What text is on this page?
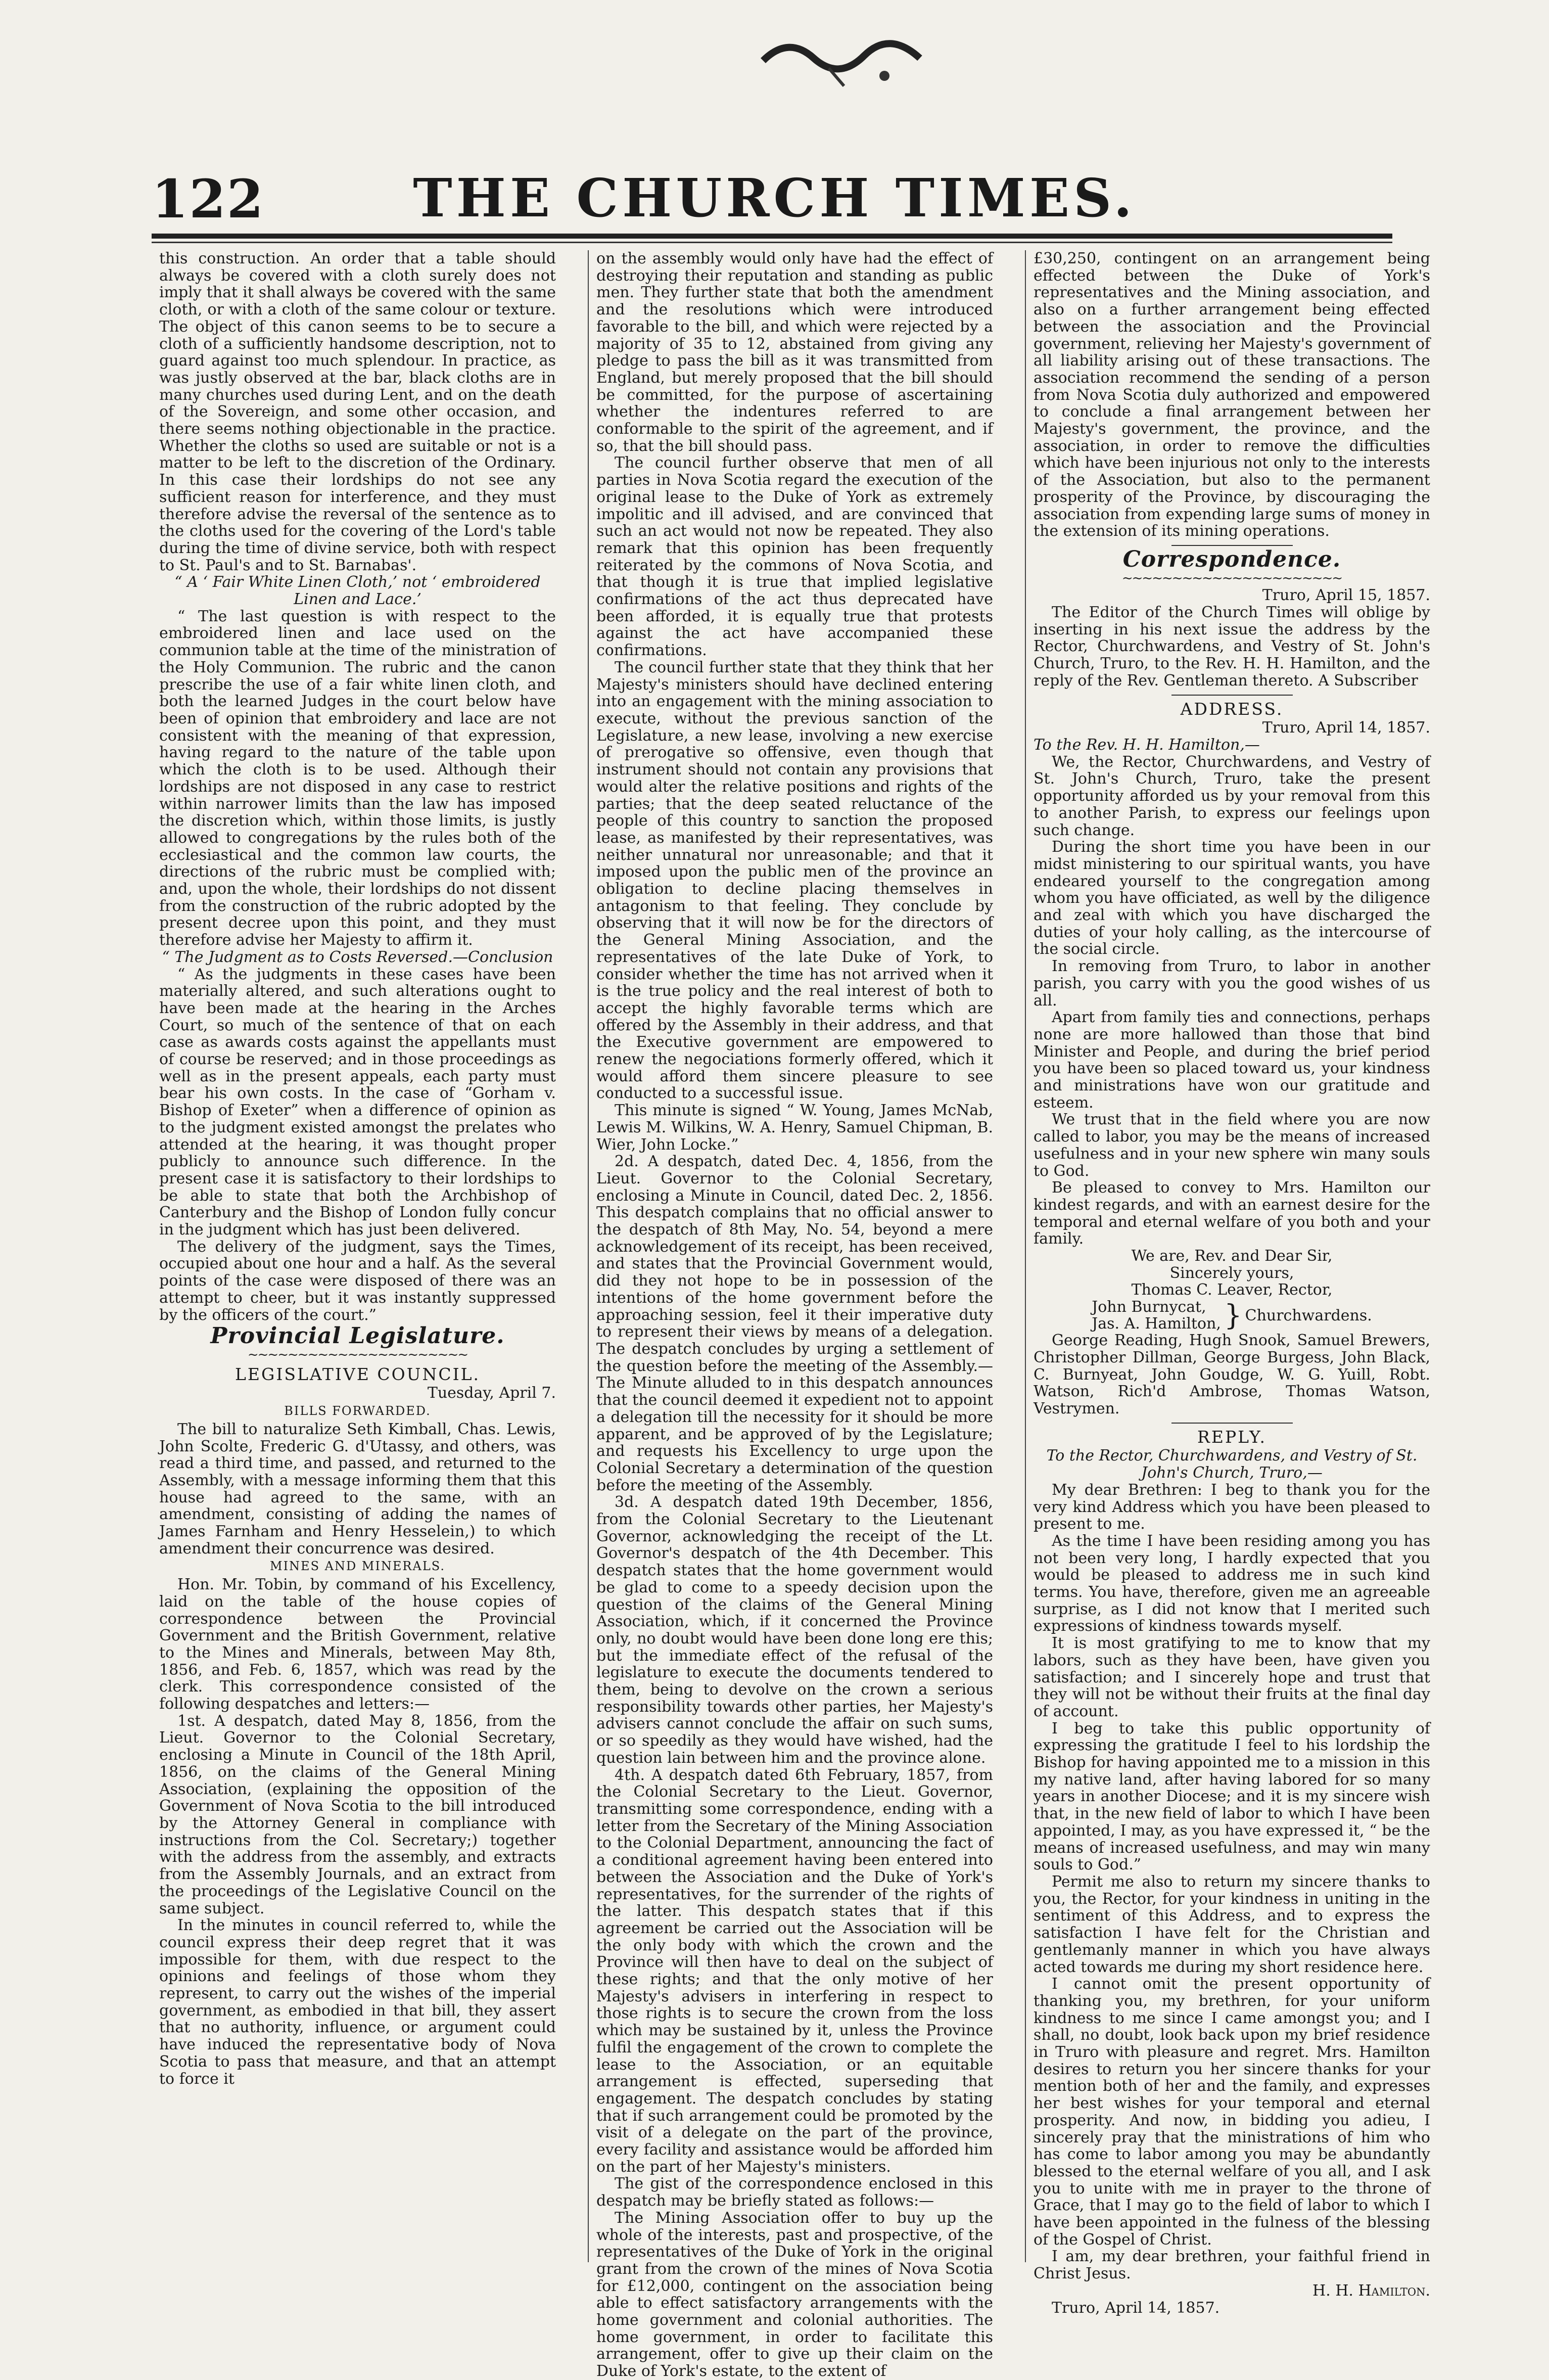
122	THE CHURCH TIMES.

this construction. An order that a table should always be covered with a cloth surely does not imply that it shall always be covered with the same cloth, or with a cloth of the same colour or texture. The object of this canon seems to be to secure a cloth of a sufficiently handsome description, not to guard against too much splendour. In practice, as was justly observed at the bar, black cloths are in many churches used during Lent, and on the death of the Sovereign, and some other occasion, and there seems nothing objectionable in the practice. Whether the cloths so used are suitable or not is a matter to be left to the discretion of the Ordinary. In this case their lordships do not see any sufficient reason for interference, and they must therefore advise the reversal of the sentence as to the cloths used for the covering of the Lord's table during the time of divine service, both with respect to St. Paul's and to St. Barnabas'.

“ A ‘ Fair White Linen Cloth,’ not ‘ embroidered Linen and Lace.’

“ The last question is with respect to the embroidered linen and lace used on the communion table at the time of the ministration of the Holy Communion. The rubric and the canon prescribe the use of a fair white linen cloth, and both the learned Judges in the court below have been of opinion that embroidery and lace are not consistent with the meaning of that expression, having regard to the nature of the table upon which the cloth is to be used. Although their lordships are not disposed in any case to restrict within narrower limits than the law has imposed the discretion which, within those limits, is justly allowed to congregations by the rules both of the ecclesiastical and the common law courts, the directions of the rubric must be complied with; and, upon the whole, their lordships do not dissent from the construction of the rubric adopted by the present decree upon this point, and they must therefore advise her Majesty to affirm it.

“ The Judgment as to Costs Reversed.—Conclusion

“ As the judgments in these cases have been materially altered, and such alterations ought to have been made at the hearing in the Arches Court, so much of the sentence of that on each case as awards costs against the appellants must of course be reserved; and in those proceedings as well as in the present appeals, each party must bear his own costs. In the case of “Gorham v. Bishop of Exeter” when a difference of opinion as to the judgment existed amongst the prelates who attended at the hearing, it was thought proper publicly to announce such difference. In the present case it is satisfactory to their lordships to be able to state that both the Archbishop of Canterbury and the Bishop of London fully concur in the judgment which has just been delivered.

The delivery of the judgment, says the Times, occupied about one hour and a half. As the several points of the case were disposed of there was an attempt to cheer, but it was instantly suppressed by the officers of the court.”

Provincial Legislature.
~~~~~~~~~~~~~~~~~~~~~~
LEGISLATIVE COUNCIL.
Tuesday, April 7.
BILLS FORWARDED.

The bill to naturalize Seth Kimball, Chas. Lewis, John Scolte, Frederic G. d'Utassy, and others, was read a third time, and passed, and returned to the Assembly, with a message informing them that this house had agreed to the same, with an amendment, consisting of adding the names of James Farnham and Henry Hesselein,) to which amendment their concurrence was desired.

MINES AND MINERALS.

Hon. Mr. Tobin, by command of his Excellency, laid on the table of the house copies of correspondence between the Provincial Government and the British Government, relative to the Mines and Minerals, between May 8th, 1856, and Feb. 6, 1857, which was read by the clerk. This correspondence consisted of the following despatches and letters:—

1st. A despatch, dated May 8, 1856, from the Lieut. Governor to the Colonial Secretary, enclosing a Minute in Council of the 18th April, 1856, on the claims of the General Mining Association, (explaining the opposition of the Government of Nova Scotia to the bill introduced by the Attorney General in compliance with instructions from the Col. Secretary;) together with the address from the assembly, and extracts from the Assembly Journals, and an extract from the proceedings of the Legislative Council on the same subject.

In the minutes in council referred to, while the council express their deep regret that it was impossible for them, with due respect to the opinions and feelings of those whom they represent, to carry out the wishes of the imperial government, as embodied in that bill, they assert that no authority, influence, or argument could have induced the representative body of Nova Scotia to pass that measure, and that an attempt to force it

on the assembly would only have had the effect of destroying their reputation and standing as public men. They further state that both the amendment and the resolutions which were introduced favorable to the bill, and which were rejected by a majority of 35 to 12, abstained from giving any pledge to pass the bill as it was transmitted from England, but merely proposed that the bill should be committed, for the purpose of ascertaining whether the indentures referred to are conformable to the spirit of the agreement, and if so, that the bill should pass.

The council further observe that men of all parties in Nova Scotia regard the execution of the original lease to the Duke of York as extremely impolitic and ill advised, and are convinced that such an act would not now be repeated. They also remark that this opinion has been frequently reiterated by the commons of Nova Scotia, and that though it is true that implied legislative confirmations of the act thus deprecated have been afforded, it is equally true that protests against the act have accompanied these confirmations.

The council further state that they think that her Majesty's ministers should have declined entering into an engagement with the mining association to execute, without the previous sanction of the Legislature, a new lease, involving a new exercise of prerogative so offensive, even though that instrument should not contain any provisions that would alter the relative positions and rights of the parties; that the deep seated reluctance of the people of this country to sanction the proposed lease, as manifested by their representatives, was neither unnatural nor unreasonable; and that it imposed upon the public men of the province an obligation to decline placing themselves in antagonism to that feeling. They conclude by observing that it will now be for the directors of the General Mining Association, and the representatives of the late Duke of York, to consider whether the time has not arrived when it is the true policy and the real interest of both to accept the highly favorable terms which are offered by the Assembly in their address, and that the Executive government are empowered to renew the negociations formerly offered, which it would afford them sincere pleasure to see conducted to a successful issue.

This minute is signed “ W. Young, James McNab, Lewis M. Wilkins, W. A. Henry, Samuel Chipman, B. Wier, John Locke.”

2d. A despatch, dated Dec. 4, 1856, from the Lieut. Governor to the Colonial Secretary, enclosing a Minute in Council, dated Dec. 2, 1856. This despatch complains that no official answer to the despatch of 8th May, No. 54, beyond a mere acknowledgement of its receipt, has been received, and states that the Provincial Government would, did they not hope to be in possession of the intentions of the home government before the approaching session, feel it their imperative duty to represent their views by means of a delegation. The despatch concludes by urging a settlement of the question before the meeting of the Assembly.— The Minute alluded to in this despatch announces that the council deemed it expedient not to appoint a delegation till the necessity for it should be more apparent, and be approved of by the Legislature; and requests his Excellency to urge upon the Colonial Secretary a determination of the question before the meeting of the Assembly.

3d. A despatch dated 19th December, 1856, from the Colonial Secretary to the Lieutenant Governor, acknowledging the receipt of the Lt. Governor's despatch of the 4th December. This despatch states that the home government would be glad to come to a speedy decision upon the question of the claims of the General Mining Association, which, if it concerned the Province only, no doubt would have been done long ere this; but the immediate effect of the refusal of the legislature to execute the documents tendered to them, being to devolve on the crown a serious responsibility towards other parties, her Majesty's advisers cannot conclude the affair on such sums, or so speedily as they would have wished, had the question lain between him and the province alone.

4th. A despatch dated 6th February, 1857, from the Colonial Secretary to the Lieut. Governor, transmitting some correspondence, ending with a letter from the Secretary of the Mining Association to the Colonial Department, announcing the fact of a conditional agreement having been entered into between the Association and the Duke of York's representatives, for the surrender of the rights of the latter. This despatch states that if this agreement be carried out the Association will be the only body with which the crown and the Province will then have to deal on the subject of these rights; and that the only motive of her Majesty's advisers in interfering in respect to those rights is to secure the crown from the loss which may be sustained by it, unless the Province fulfil the engagement of the crown to complete the lease to the Association, or an equitable arrangement is effected, superseding that engagement. The despatch concludes by stating that if such arrangement could be promoted by the visit of a delegate on the part of the province, every facility and assistance would be afforded him on the part of her Majesty's ministers.

The gist of the correspondence enclosed in this despatch may be briefly stated as follows:—

The Mining Association offer to buy up the whole of the interests, past and prospective, of the representatives of the Duke of York in the original grant from the crown of the mines of Nova Scotia for £12,000, contingent on the association being able to effect satisfactory arrangements with the home government and colonial authorities. The home government, in order to facilitate this arrangement, offer to give up their claim on the Duke of York's estate, to the extent of

£30,250, contingent on an arrangement being effected between the Duke of York's representatives and the Mining association, and also on a further arrangement being effected between the association and the Provincial government, relieving her Majesty's government of all liability arising out of these transactions. The association recommend the sending of a person from Nova Scotia duly authorized and empowered to conclude a final arrangement between her Majesty's government, the province, and the association, in order to remove the difficulties which have been injurious not only to the interests of the Association, but also to the permanent prosperity of the Province, by discouraging the association from expending large sums of money in the extension of its mining operations.

Correspondence.
~~~~~~~~~~~~~~~~~~~~~~
Truro, April 15, 1857.

The Editor of the Church Times will oblige by inserting in his next issue the address by the Rector, Churchwardens, and Vestry of St. John's Church, Truro, to the Rev. H. H. Hamilton, and the reply of the Rev. Gentleman thereto. A Subscriber

ADDRESS.
Truro, April 14, 1857.

To the Rev. H. H. Hamilton,—

We, the Rector, Churchwardens, and Vestry of St. John's Church, Truro, take the present opportunity afforded us by your removal from this to another Parish, to express our feelings upon such change.

During the short time you have been in our midst ministering to our spiritual wants, you have endeared yourself to the congregation among whom you have officiated, as well by the diligence and zeal with which you have discharged the duties of your holy calling, as the intercourse of the social circle.

In removing from Truro, to labor in another parish, you carry with you the good wishes of us all.

Apart from family ties and connections, perhaps none are more hallowed than those that bind Minister and People, and during the brief period you have been so placed toward us, your kindness and ministrations have won our gratitude and esteem.

We trust that in the field where you are now called to labor, you may be the means of increased usefulness and in your new sphere win many souls to God.

Be pleased to convey to Mrs. Hamilton our kindest regards, and with an earnest desire for the temporal and eternal welfare of you both and your family.

We are, Rev. and Dear Sir,
Sincerely yours,
Thomas C. Leaver, Rector,
John Burnycat,	}	Churchwardens.
Jas. A. Hamilton,

George Reading, Hugh Snook, Samuel Brewers, Christopher Dillman, George Burgess, John Black, C. Burnyeat, John Goudge, W. G. Yuill, Robt. Watson, Rich'd Ambrose, Thomas Watson, Vestrymen.

REPLY.

To the Rector, Churchwardens, and Vestry of St. John's Church, Truro,—

My dear Brethren: I beg to thank you for the very kind Address which you have been pleased to present to me.

As the time I have been residing among you has not been very long, I hardly expected that you would be pleased to address me in such kind terms. You have, therefore, given me an agreeable surprise, as I did not know that I merited such expressions of kindness towards myself.

It is most gratifying to me to know that my labors, such as they have been, have given you satisfaction; and I sincerely hope and trust that they will not be without their fruits at the final day of account.

I beg to take this public opportunity of expressing the gratitude I feel to his lordship the Bishop for having appointed me to a mission in this my native land, after having labored for so many years in another Diocese; and it is my sincere wish that, in the new field of labor to which I have been appointed, I may, as you have expressed it, “ be the means of increased usefulness, and may win many souls to God.”

Permit me also to return my sincere thanks to you, the Rector, for your kindness in uniting in the sentiment of this Address, and to express the satisfaction I have felt for the Christian and gentlemanly manner in which you have always acted towards me during my short residence here.

I cannot omit the present opportunity of thanking you, my brethren, for your uniform kindness to me since I came amongst you; and I shall, no doubt, look back upon my brief residence in Truro with pleasure and regret. Mrs. Hamilton desires to return you her sincere thanks for your mention both of her and the family, and expresses her best wishes for your temporal and eternal prosperity. And now, in bidding you adieu, I sincerely pray that the ministrations of him who has come to labor among you may be abundantly blessed to the eternal welfare of you all, and I ask you to unite with me in prayer to the throne of Grace, that I may go to the field of labor to which I have been appointed in the fulness of the blessing of the Gospel of Christ.

I am, my dear brethren, your faithful friend in Christ Jesus.

H. H. Hamilton.
Truro, April 14, 1857.
